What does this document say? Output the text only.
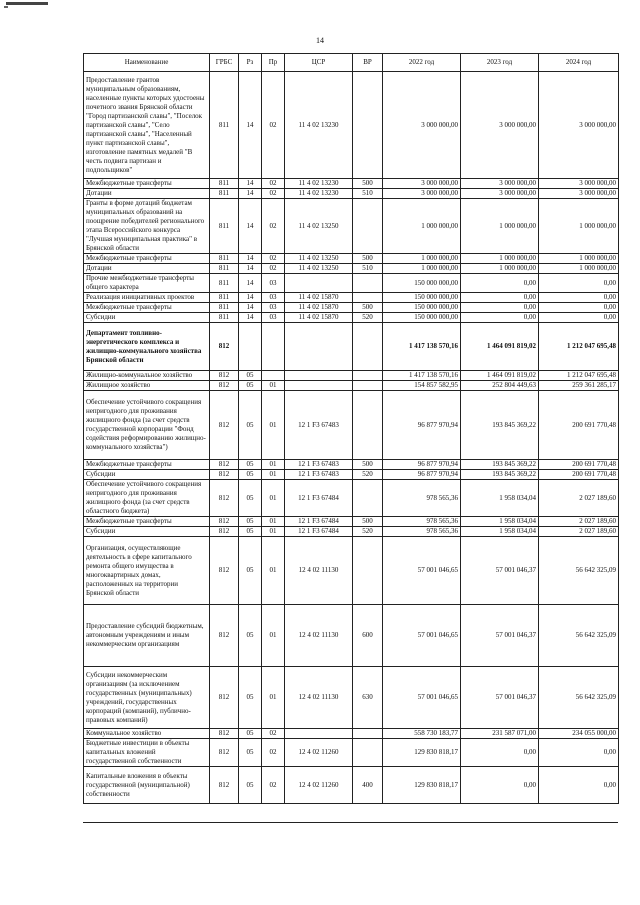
14
Наименование	ГРБС	Рз	Пр	ЦСР	ВР	2022 год	2023 год	2024 год
Предоставление грантов муниципальным образованиям, населенные пункты которых удостоены почетного звания Брянской области "Город партизанской славы", "Поселок партизанской славы", "Село партизанской славы", "Населенный пункт партизанской славы", изготовление памятных медалей "В честь подвига партизан и подпольщиков"	811	14	02	11 4 02 13230		3 000 000,00	3 000 000,00	3 000 000,00
Межбюджетные трансферты	811	14	02	11 4 02 13230	500	3 000 000,00	3 000 000,00	3 000 000,00
Дотации	811	14	02	11 4 02 13230	510	3 000 000,00	3 000 000,00	3 000 000,00
Гранты в форме дотаций бюджетам муниципальных образований на поощрение победителей регионального этапа Всероссийского конкурса "Лучшая муниципальная практика" в Брянской области	811	14	02	11 4 02 13250		1 000 000,00	1 000 000,00	1 000 000,00
Межбюджетные трансферты	811	14	02	11 4 02 13250	500	1 000 000,00	1 000 000,00	1 000 000,00
Дотации	811	14	02	11 4 02 13250	510	1 000 000,00	1 000 000,00	1 000 000,00
Прочие межбюджетные трансферты общего характера	811	14	03			150 000 000,00	0,00	0,00
Реализация инициативных проектов	811	14	03	11 4 02 15870		150 000 000,00	0,00	0,00
Межбюджетные трансферты	811	14	03	11 4 02 15870	500	150 000 000,00	0,00	0,00
Субсидии	811	14	03	11 4 02 15870	520	150 000 000,00	0,00	0,00
Департамент топливно-энергетического комплекса и жилищно-коммунального хозяйства Брянской области	812					1 417 138 570,16	1 464 091 819,02	1 212 047 695,48
Жилищно-коммунальное хозяйство	812	05				1 417 138 570,16	1 464 091 819,02	1 212 047 695,48
Жилищное хозяйство	812	05	01			154 857 582,95	252 804 449,63	259 361 285,17
Обеспечение устойчивого сокращения непригодного для проживания жилищного фонда (за счет средств государственной корпорации "Фонд содействия реформированию жилищно-коммунального хозяйства")	812	05	01	12 1 F3 67483		96 877 970,94	193 845 369,22	200 691 770,48
Межбюджетные трансферты	812	05	01	12 1 F3 67483	500	96 877 970,94	193 845 369,22	200 691 770,48
Субсидии	812	05	01	12 1 F3 67483	520	96 877 970,94	193 845 369,22	200 691 770,48
Обеспечение устойчивого сокращения непригодного для проживания жилищного фонда (за счет средств областного бюджета)	812	05	01	12 1 F3 67484		978 565,36	1 958 034,04	2 027 189,60
Межбюджетные трансферты	812	05	01	12 1 F3 67484	500	978 565,36	1 958 034,04	2 027 189,60
Субсидии	812	05	01	12 1 F3 67484	520	978 565,36	1 958 034,04	2 027 189,60
Организация, осуществляющие деятельность в сфере капитального ремонта общего имущества в многоквартирных домах, расположенных на территории Брянской области	812	05	01	12 4 02 11130		57 001 046,65	57 001 046,37	56 642 325,09
Предоставление субсидий бюджетным, автономным учреждениям и иным некоммерческим организациям	812	05	01	12 4 02 11130	600	57 001 046,65	57 001 046,37	56 642 325,09
Субсидии некоммерческим организациям (за исключением государственных (муниципальных) учреждений, государственных корпораций (компаний), публично-правовых компаний)	812	05	01	12 4 02 11130	630	57 001 046,65	57 001 046,37	56 642 325,09
Коммунальное хозяйство	812	05	02			558 730 183,77	231 587 071,00	234 055 000,00
Бюджетные инвестиции в объекты капитальных вложений государственной собственности	812	05	02	12 4 02 11260		129 830 818,17	0,00	0,00
Капитальные вложения в объекты государственной (муниципальной) собственности	812	05	02	12 4 02 11260	400	129 830 818,17	0,00	0,00
